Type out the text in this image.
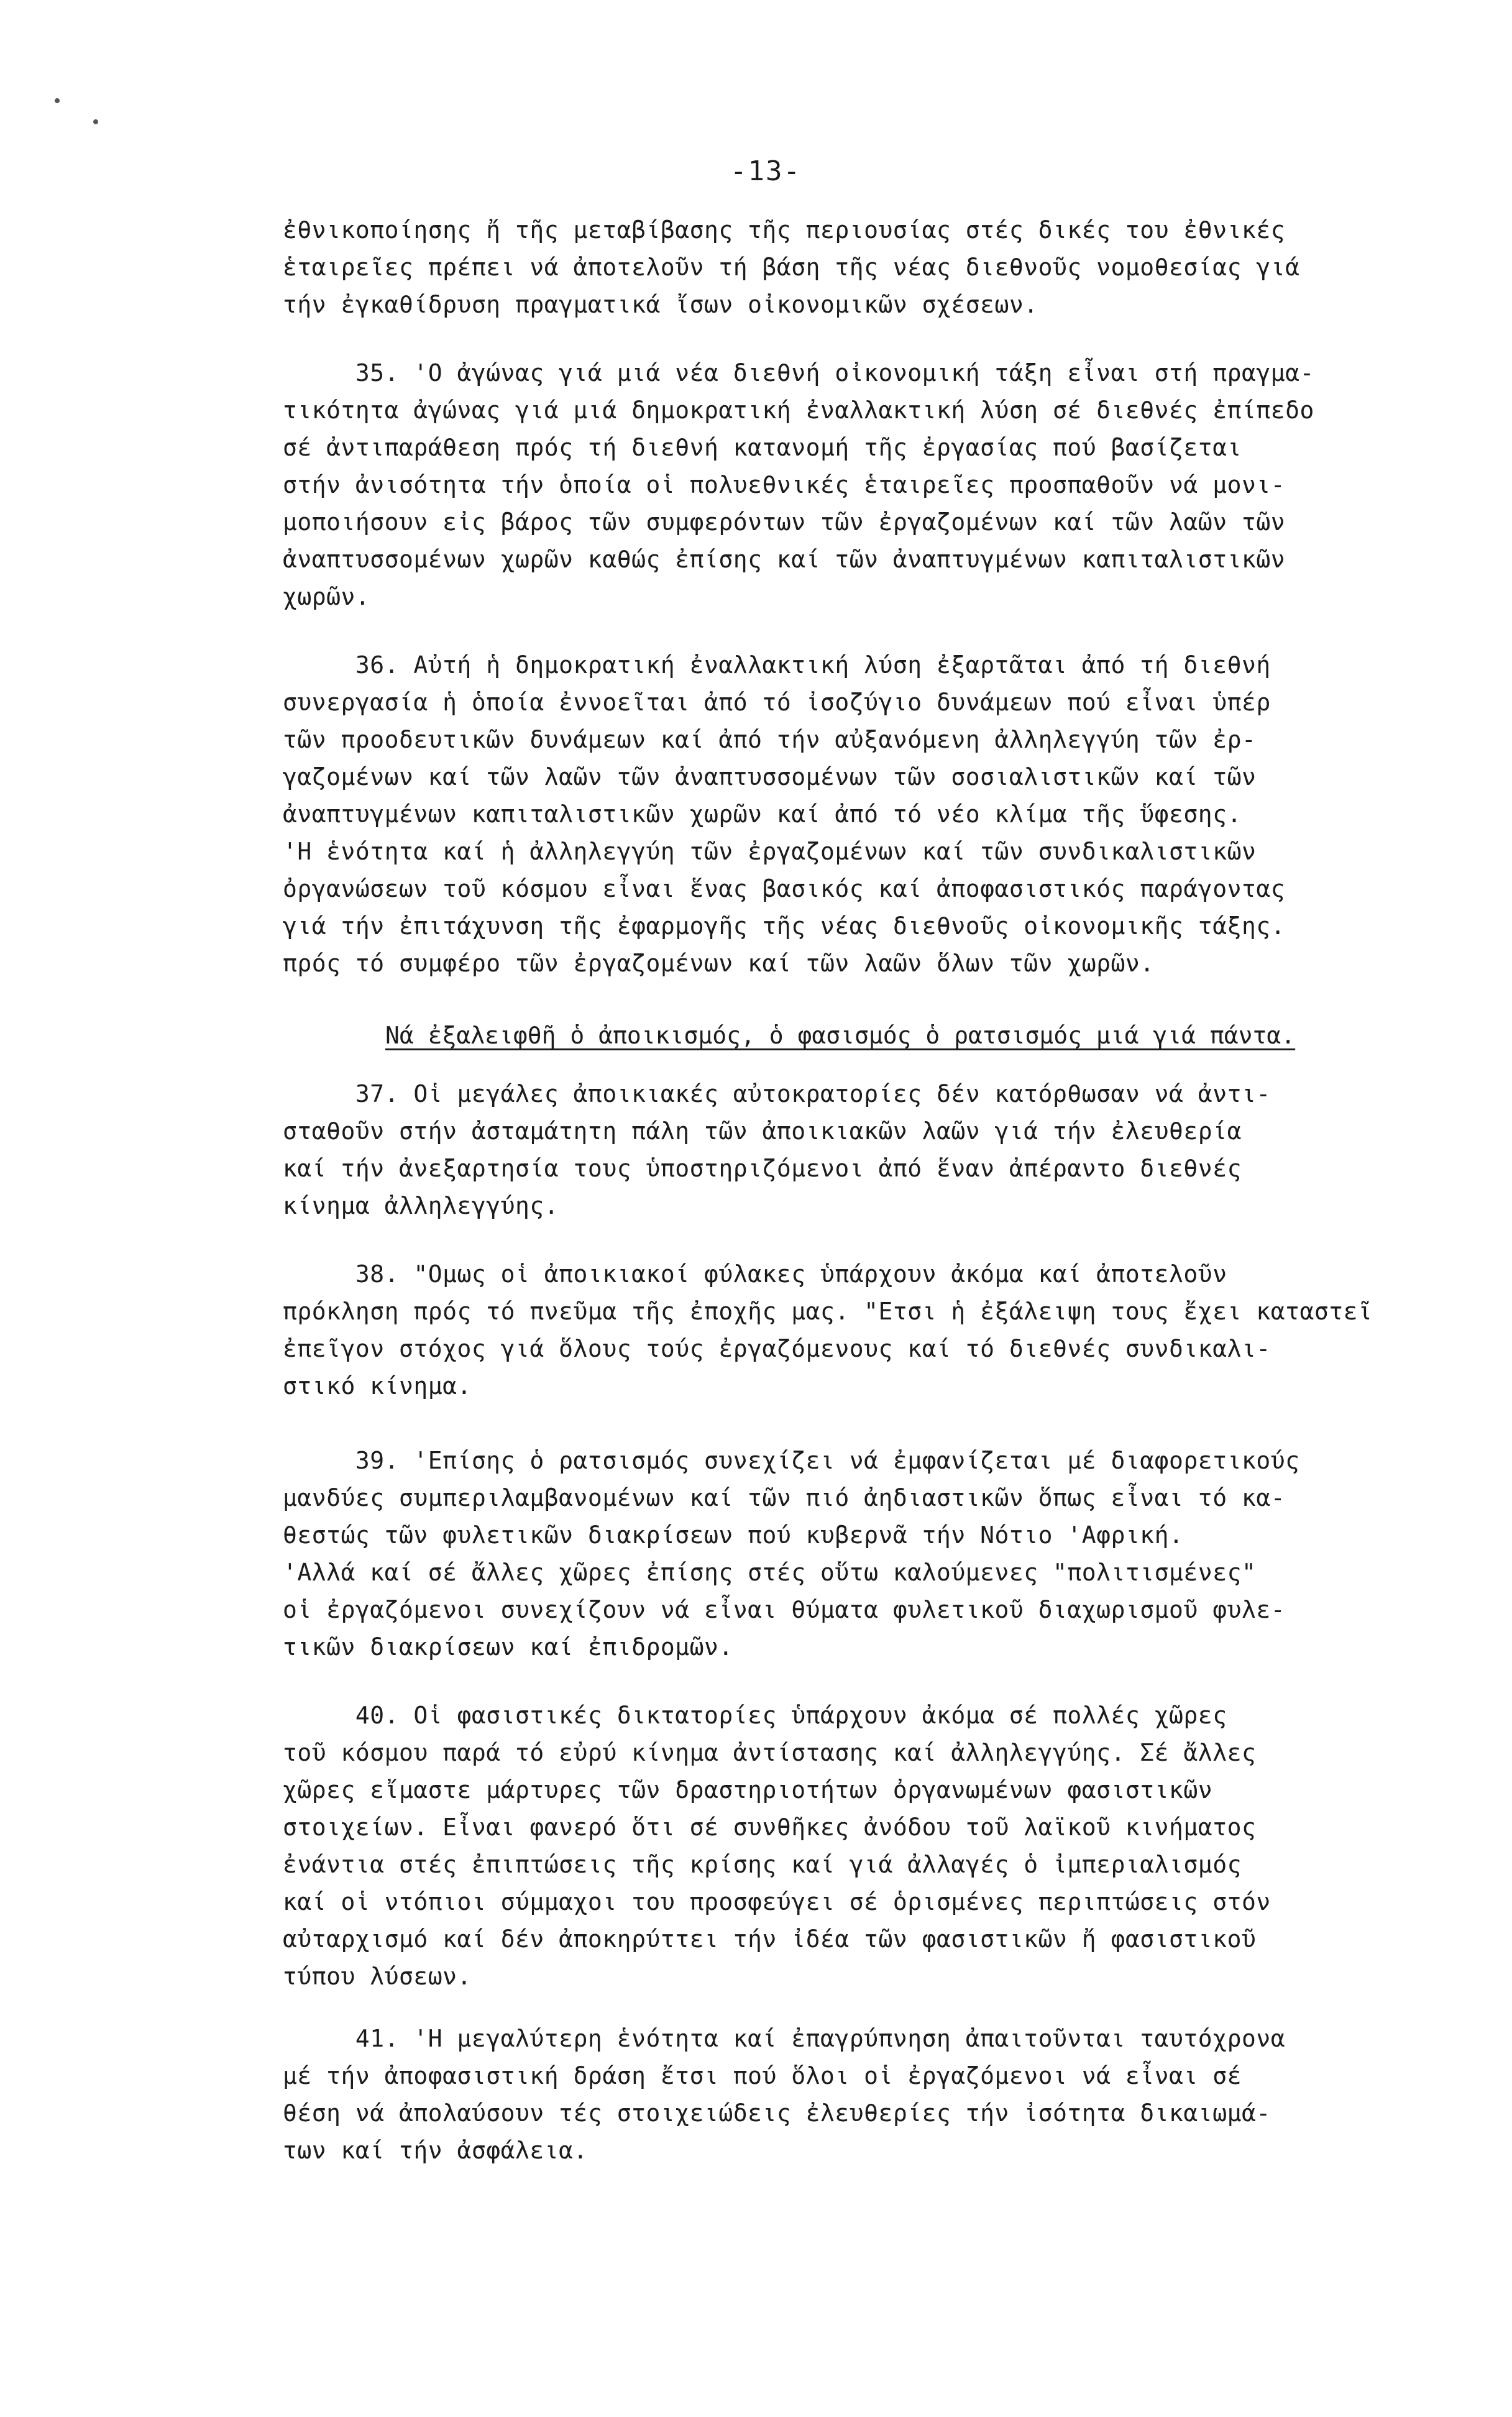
-13-
ἐθνικοποίησης ἤ τῆς μεταβίβασης τῆς περιουσίας στές δικές του ἐθνικές
ἑταιρεῖες πρέπει νά ἀποτελοῦν τή βάση τῆς νέας διεθνοῦς νομοθεσίας γιά
τήν ἐγκαθίδρυση πραγματικά ἴσων οἰκονομικῶν σχέσεων.
35. 'Ο ἀγώνας γιά μιά νέα διεθνή οἰκονομική τάξη εἶναι στή πραγμα-
τικότητα ἀγώνας γιά μιά δημοκρατική ἐναλλακτική λύση σέ διεθνές ἐπίπεδο
σέ ἀντιπαράθεση πρός τή διεθνή κατανομή τῆς ἐργασίας πού βασίζεται
στήν ἀνισότητα τήν ὁποία οἱ πολυεθνικές ἑταιρεῖες προσπαθοῦν νά μονι-
μοποιήσουν εἰς βάρος τῶν συμφερόντων τῶν ἐργαζομένων καί τῶν λαῶν τῶν
ἀναπτυσσομένων χωρῶν καθώς ἐπίσης καί τῶν ἀναπτυγμένων καπιταλιστικῶν
χωρῶν.
36. Αὐτή ἡ δημοκρατική ἐναλλακτική λύση ἐξαρτᾶται ἀπό τή διεθνή
συνεργασία ἡ ὁποία ἐννοεῖται ἀπό τό ἰσοζύγιο δυνάμεων πού εἶναι ὑπέρ
τῶν προοδευτικῶν δυνάμεων καί ἀπό τήν αὐξανόμενη ἀλληλεγγύη τῶν ἐρ-
γαζομένων καί τῶν λαῶν τῶν ἀναπτυσσομένων τῶν σοσιαλιστικῶν καί τῶν
ἀναπτυγμένων καπιταλιστικῶν χωρῶν καί ἀπό τό νέο κλίμα τῆς ὕφεσης.
'Η ἑνότητα καί ἡ ἀλληλεγγύη τῶν ἐργαζομένων καί τῶν συνδικαλιστικῶν
ὀργανώσεων τοῦ κόσμου εἶναι ἕνας βασικός καί ἀποφασιστικός παράγοντας
γιά τήν ἐπιτάχυνση τῆς ἐφαρμογῆς τῆς νέας διεθνοῦς οἰκονομικῆς τάξης.
πρός τό συμφέρο τῶν ἐργαζομένων καί τῶν λαῶν ὅλων τῶν χωρῶν.
Νά ἐξαλειφθῆ ὁ ἀποικισμός, ὁ φασισμός ὁ ρατσισμός μιά γιά πάντα.
37. Οἱ μεγάλες ἀποικιακές αὐτοκρατορίες δέν κατόρθωσαν νά ἀντι-
σταθοῦν στήν ἀσταμάτητη πάλη τῶν ἀποικιακῶν λαῶν γιά τήν ἐλευθερία
καί τήν ἀνεξαρτησία τους ὑποστηριζόμενοι ἀπό ἕναν ἀπέραντο διεθνές
κίνημα ἀλληλεγγύης.
38. "Ομως οἱ ἀποικιακοί φύλακες ὑπάρχουν ἀκόμα καί ἀποτελοῦν
πρόκληση πρός τό πνεῦμα τῆς ἐποχῆς μας. "Ετσι ἡ ἐξάλειψη τους ἔχει καταστεῖ
ἐπεῖγον στόχος γιά ὅλους τούς ἐργαζόμενους καί τό διεθνές συνδικαλι-
στικό κίνημα.
39. 'Επίσης ὁ ρατσισμός συνεχίζει νά ἐμφανίζεται μέ διαφορετικούς
μανδύες συμπεριλαμβανομένων καί τῶν πιό ἀηδιαστικῶν ὅπως εἶναι τό κα-
θεστώς τῶν φυλετικῶν διακρίσεων πού κυβερνᾶ τήν Νότιο 'Αφρική.
'Αλλά καί σέ ἄλλες χῶρες ἐπίσης στές οὕτω καλούμενες "πολιτισμένες"
οἱ ἐργαζόμενοι συνεχίζουν νά εἶναι θύματα φυλετικοῦ διαχωρισμοῦ φυλε-
τικῶν διακρίσεων καί ἐπιδρομῶν.
40. Οἱ φασιστικές δικτατορίες ὑπάρχουν ἀκόμα σέ πολλές χῶρες
τοῦ κόσμου παρά τό εὐρύ κίνημα ἀντίστασης καί ἀλληλεγγύης. Σέ ἄλλες
χῶρες εἴμαστε μάρτυρες τῶν δραστηριοτήτων ὀργανωμένων φασιστικῶν
στοιχείων. Εἶναι φανερό ὅτι σέ συνθῆκες ἀνόδου τοῦ λαϊκοῦ κινήματος
ἐνάντια στές ἐπιπτώσεις τῆς κρίσης καί γιά ἀλλαγές ὁ ἰμπεριαλισμός
καί οἱ ντόπιοι σύμμαχοι του προσφεύγει σέ ὁρισμένες περιπτώσεις στόν
αὐταρχισμό καί δέν ἀποκηρύττει τήν ἰδέα τῶν φασιστικῶν ἤ φασιστικοῦ
τύπου λύσεων.
41. 'Η μεγαλύτερη ἑνότητα καί ἐπαγρύπνηση ἀπαιτοῦνται ταυτόχρονα
μέ τήν ἀποφασιστική δράση ἔτσι πού ὅλοι οἱ ἐργαζόμενοι νά εἶναι σέ
θέση νά ἀπολαύσουν τές στοιχειώδεις ἐλευθερίες τήν ἰσότητα δικαιωμά-
των καί τήν ἀσφάλεια.
